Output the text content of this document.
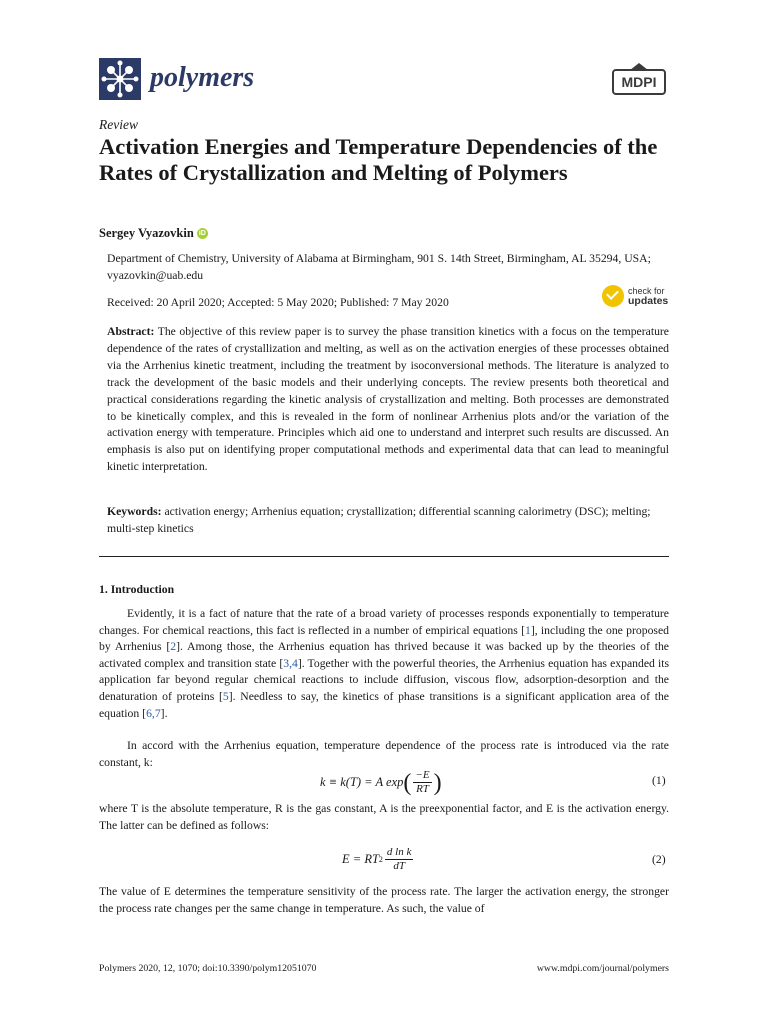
polymers	MDPI
Review
Activation Energies and Temperature Dependencies of the Rates of Crystallization and Melting of Polymers
Sergey Vyazovkin iD
Department of Chemistry, University of Alabama at Birmingham, 901 S. 14th Street, Birmingham, AL 35294, USA; vyazovkin@uab.edu
Received: 20 April 2020; Accepted: 5 May 2020; Published: 7 May 2020
check for
updates
Abstract: The objective of this review paper is to survey the phase transition kinetics with a focus on the temperature dependence of the rates of crystallization and melting, as well as on the activation energies of these processes obtained via the Arrhenius kinetic treatment, including the treatment by isoconversional methods. The literature is analyzed to track the development of the basic models and their underlying concepts. The review presents both theoretical and practical considerations regarding the kinetic analysis of crystallization and melting. Both processes are demonstrated to be kinetically complex, and this is revealed in the form of nonlinear Arrhenius plots and/or the variation of the activation energy with temperature. Principles which aid one to understand and interpret such results are discussed. An emphasis is also put on identifying proper computational methods and experimental data that can lead to meaningful kinetic interpretation.
Keywords: activation energy; Arrhenius equation; crystallization; differential scanning calorimetry (DSC); melting; multi-step kinetics
1. Introduction
Evidently, it is a fact of nature that the rate of a broad variety of processes responds exponentially to temperature changes. For chemical reactions, this fact is reflected in a number of empirical equations [1], including the one proposed by Arrhenius [2]. Among those, the Arrhenius equation has thrived because it was backed up by the theories of the activated complex and transition state [3,4]. Together with the powerful theories, the Arrhenius equation has expanded its application far beyond regular chemical reactions to include diffusion, viscous flow, adsorption-desorption and the denaturation of proteins [5]. Needless to say, the kinetics of phase transitions is a significant application area of the equation [6,7].
In accord with the Arrhenius equation, temperature dependence of the process rate is introduced via the rate constant, k:
k ≡ k(T) = A exp ( $\frac{-E}{RT}$ )	(1)
where T is the absolute temperature, R is the gas constant, A is the preexponential factor, and E is the activation energy. The latter can be defined as follows:
E = RT $2 \frac{\text{d ln k}}{dT}$	(2)
The value of E determines the temperature sensitivity of the process rate. The larger the activation energy, the stronger the process rate changes per the same change in temperature. As such, the value of
Polymers 2020, 12, 1070; doi:10.3390/polym12051070	www.mdpi.com/journal/polymers
